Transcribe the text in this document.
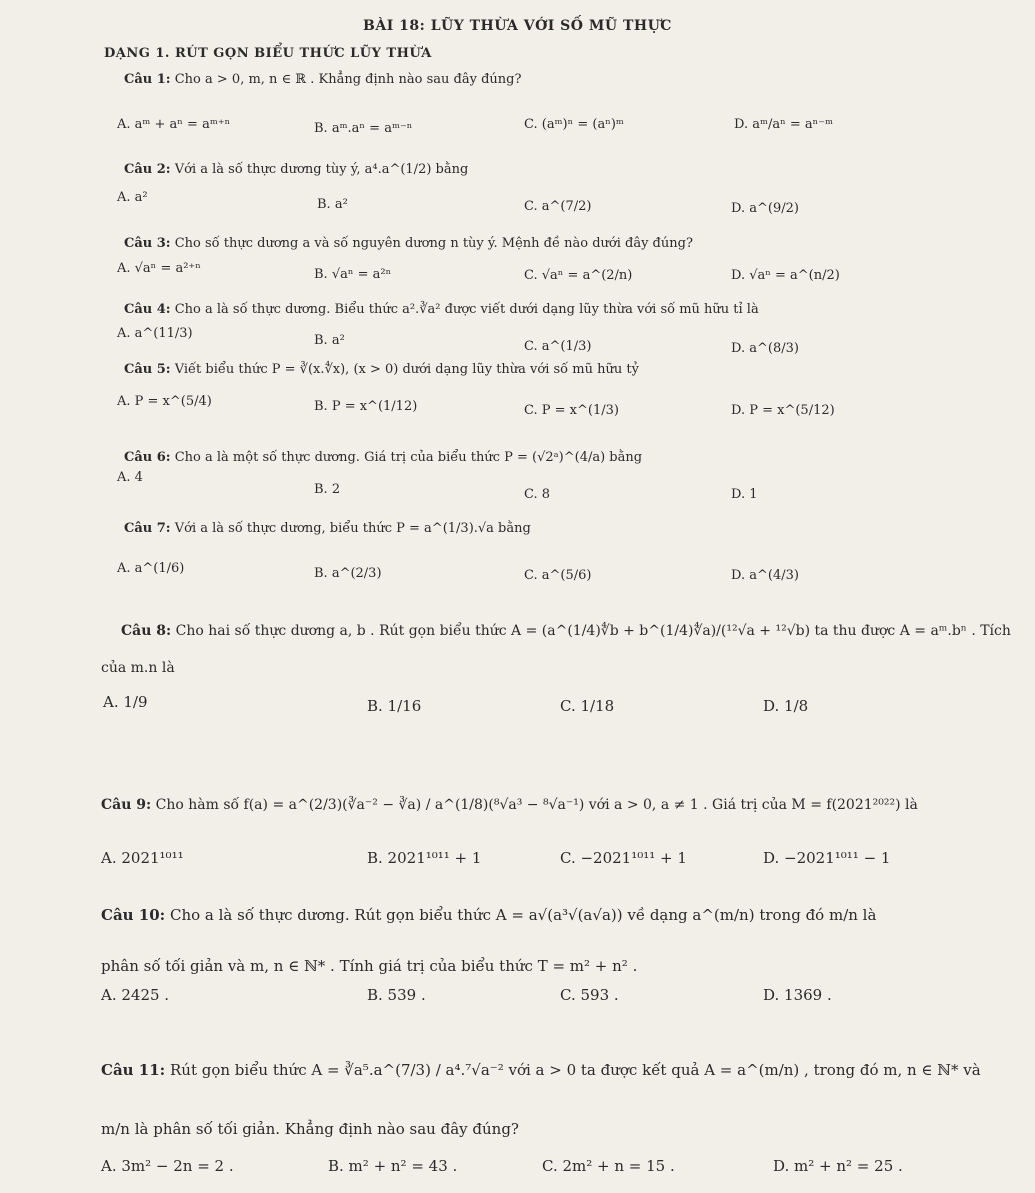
BÀI 18: LŨY THỪA VỚI SỐ MŨ THỰC
DẠNG 1. RÚT GỌN BIỂU THỨC LŨY THỪA
Câu 1: Cho a > 0, m, n ∈ ℝ . Khẳng định nào sau đây đúng?
A. aᵐ + aⁿ = aᵐ⁺ⁿ	B. aᵐ.aⁿ = aᵐ⁻ⁿ	C. (aᵐ)ⁿ = (aⁿ)ᵐ	D. aᵐ/aⁿ = aⁿ⁻ᵐ
Câu 2: Với a là số thực dương tùy ý, a⁴.a^(1/2) bằng
A. a²	B. a²	C. a^(7/2)	D. a^(9/2)
Câu 3: Cho số thực dương a và số nguyên dương n tùy ý. Mệnh đề nào dưới đây đúng?
A. √aⁿ = a²⁺ⁿ	B. √aⁿ = a²ⁿ	C. √aⁿ = a^(2/n)	D. √aⁿ = a^(n/2)
Câu 4: Cho a là số thực dương. Biểu thức a².∛a² được viết dưới dạng lũy thừa với số mũ hữu tỉ là
A. a^(11/3)	B. a²	C. a^(1/3)	D. a^(8/3)
Câu 5: Viết biểu thức P = ∛(x.∜x), (x > 0) dưới dạng lũy thừa với số mũ hữu tỷ
A. P = x^(5/4)	B. P = x^(1/12)	C. P = x^(1/3)	D. P = x^(5/12)
Câu 6: Cho a là một số thực dương. Giá trị của biểu thức P = (√2ᵃ)^(4/a) bằng
A. 4
B. 2	C. 8	D. 1
Câu 7: Với a là số thực dương, biểu thức P = a^(1/3).√a bằng
A. a^(1/6)	B. a^(2/3)	C. a^(5/6)	D. a^(4/3)
Câu 8: Cho hai số thực dương a, b . Rút gọn biểu thức A = (a^(1/4)∜b + b^(1/4)∜a)/(¹²√a + ¹²√b) ta thu được A = aᵐ.bⁿ . Tích
của m.n là
A. 1/9	B. 1/16	C. 1/18	D. 1/8
Câu 9: Cho hàm số f(a) = a^(2/3)(∛a⁻² − ∛a) / a^(1/8)(⁸√a³ − ⁸√a⁻¹) với a > 0, a ≠ 1 . Giá trị của M = f(2021²⁰²²) là
A. 2021¹⁰¹¹	B. 2021¹⁰¹¹ + 1	C. −2021¹⁰¹¹ + 1	D. −2021¹⁰¹¹ − 1
Câu 10: Cho a là số thực dương. Rút gọn biểu thức A = a√(a³√(a√a)) về dạng a^(m/n) trong đó m/n là
phân số tối giản và m, n ∈ ℕ* . Tính giá trị của biểu thức T = m² + n² .
A. 2425 .	B. 539 .	C. 593 .	D. 1369 .
Câu 11: Rút gọn biểu thức A = ∛a⁵.a^(7/3) / a⁴.⁷√a⁻² với a > 0 ta được kết quả A = a^(m/n) , trong đó m, n ∈ ℕ* và
m/n là phân số tối giản. Khẳng định nào sau đây đúng?
A. 3m² − 2n = 2 .	B. m² + n² = 43 .	C. 2m² + n = 15 .	D. m² + n² = 25 .
